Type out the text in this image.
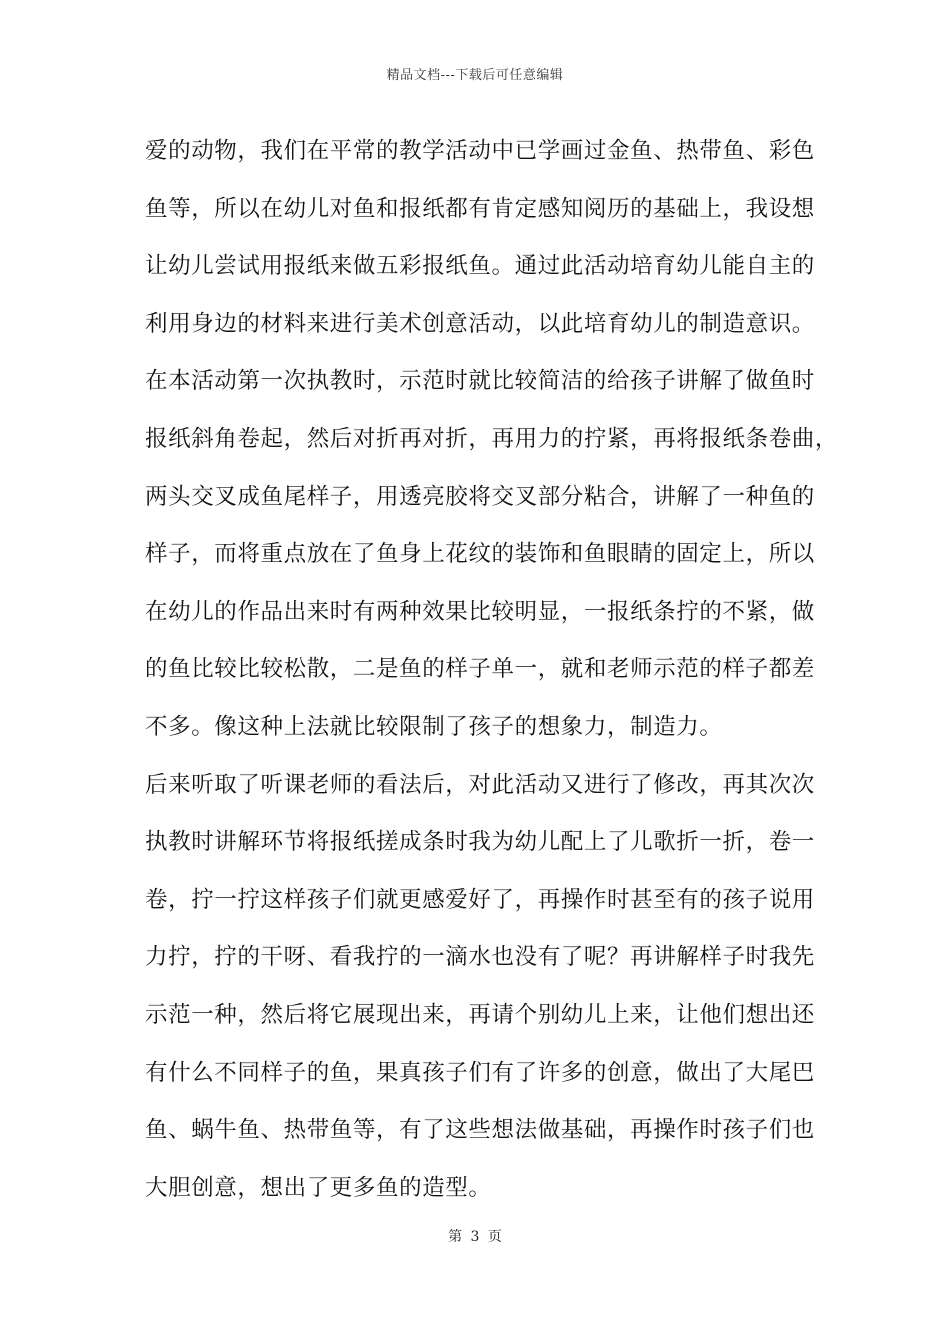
精品文档---下载后可任意编辑
爱的动物，我们在平常的教学活动中已学画过金鱼、热带鱼、彩色
鱼等，所以在幼儿对鱼和报纸都有肯定感知阅历的基础上，我设想
让幼儿尝试用报纸来做五彩报纸鱼。通过此活动培育幼儿能自主的
利用身边的材料来进行美术创意活动，以此培育幼儿的制造意识。
在本活动第一次执教时，示范时就比较简洁的给孩子讲解了做鱼时
报纸斜角卷起，然后对折再对折，再用力的拧紧，再将报纸条卷曲，
两头交叉成鱼尾样子，用透亮胶将交叉部分粘合，讲解了一种鱼的
样子，而将重点放在了鱼身上花纹的装饰和鱼眼睛的固定上，所以
在幼儿的作品出来时有两种效果比较明显，一报纸条拧的不紧，做
的鱼比较比较松散，二是鱼的样子单一，就和老师示范的样子都差
不多。像这种上法就比较限制了孩子的想象力，制造力。
后来听取了听课老师的看法后，对此活动又进行了修改，再其次次
执教时讲解环节将报纸搓成条时我为幼儿配上了儿歌折一折，卷一
卷，拧一拧这样孩子们就更感爱好了，再操作时甚至有的孩子说用
力拧，拧的干呀、看我拧的一滴水也没有了呢？再讲解样子时我先
示范一种，然后将它展现出来，再请个别幼儿上来，让他们想出还
有什么不同样子的鱼，果真孩子们有了许多的创意，做出了大尾巴
鱼、蜗牛鱼、热带鱼等，有了这些想法做基础，再操作时孩子们也
大胆创意，想出了更多鱼的造型。
第 3 页
